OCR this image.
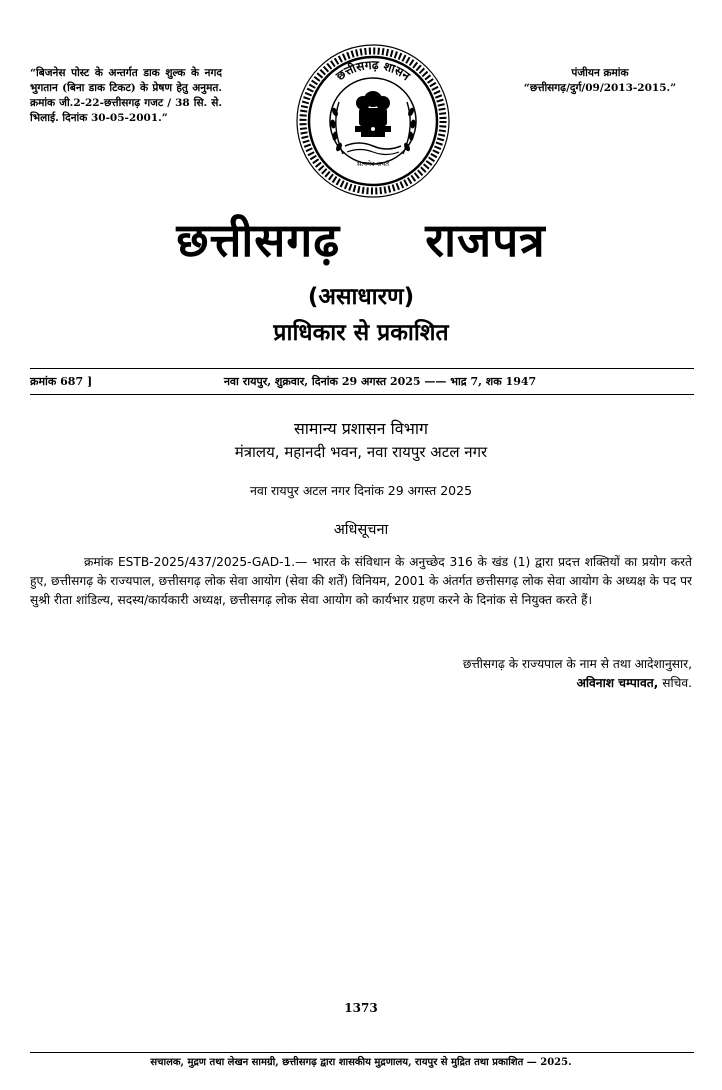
“बिजनेस पोस्ट के अन्तर्गत डाक शुल्क के नगद भुगतान (बिना डाक टिकट) के प्रेषण हेतु अनुमत. क्रमांक जी.2-22-छत्तीसगढ़ गजट / 38 सि. से. भिलाई. दिनांक 30-05-2001.”
छत्तीसगढ़ शासन
सत्यमेव जयते
पंजीयन क्रमांक
“छत्तीसगढ़/दुर्ग/09/2013-2015.”
छत्तीसगढ़     राजपत्र
(असाधारण)
प्राधिकार से प्रकाशित
क्रमांक 687 ]	नवा रायपुर, शुक्रवार, दिनांक 29 अगस्त 2025 —— भाद्र 7, शक 1947
सामान्य प्रशासन विभाग
मंत्रालय, महानदी भवन, नवा रायपुर अटल नगर
नवा रायपुर अटल नगर दिनांक 29 अगस्त 2025
अधिसूचना
क्रमांक ESTB-2025/437/2025-GAD-1.— भारत के संविधान के अनुच्छेद 316 के खंड (1) द्वारा प्रदत्त शक्तियों का प्रयोग करते हुए, छत्तीसगढ़ के राज्यपाल, छत्तीसगढ़ लोक सेवा आयोग (सेवा की शर्तें) विनियम, 2001 के अंतर्गत छत्तीसगढ़ लोक सेवा आयोग के अध्यक्ष के पद पर सुश्री रीता शांडिल्य, सदस्य/कार्यकारी अध्यक्ष, छत्तीसगढ़ लोक सेवा आयोग को कार्यभार ग्रहण करने के दिनांक से नियुक्त करते हैं।
छत्तीसगढ़ के राज्यपाल के नाम से तथा आदेशानुसार,
अविनाश चम्पावत, सचिव.
1373
सचालक, मुद्रण तथा लेखन सामग्री, छत्तीसगढ़ द्वारा शासकीय मुद्रणालय, रायपुर से मुद्रित तथा प्रकाशित — 2025.
